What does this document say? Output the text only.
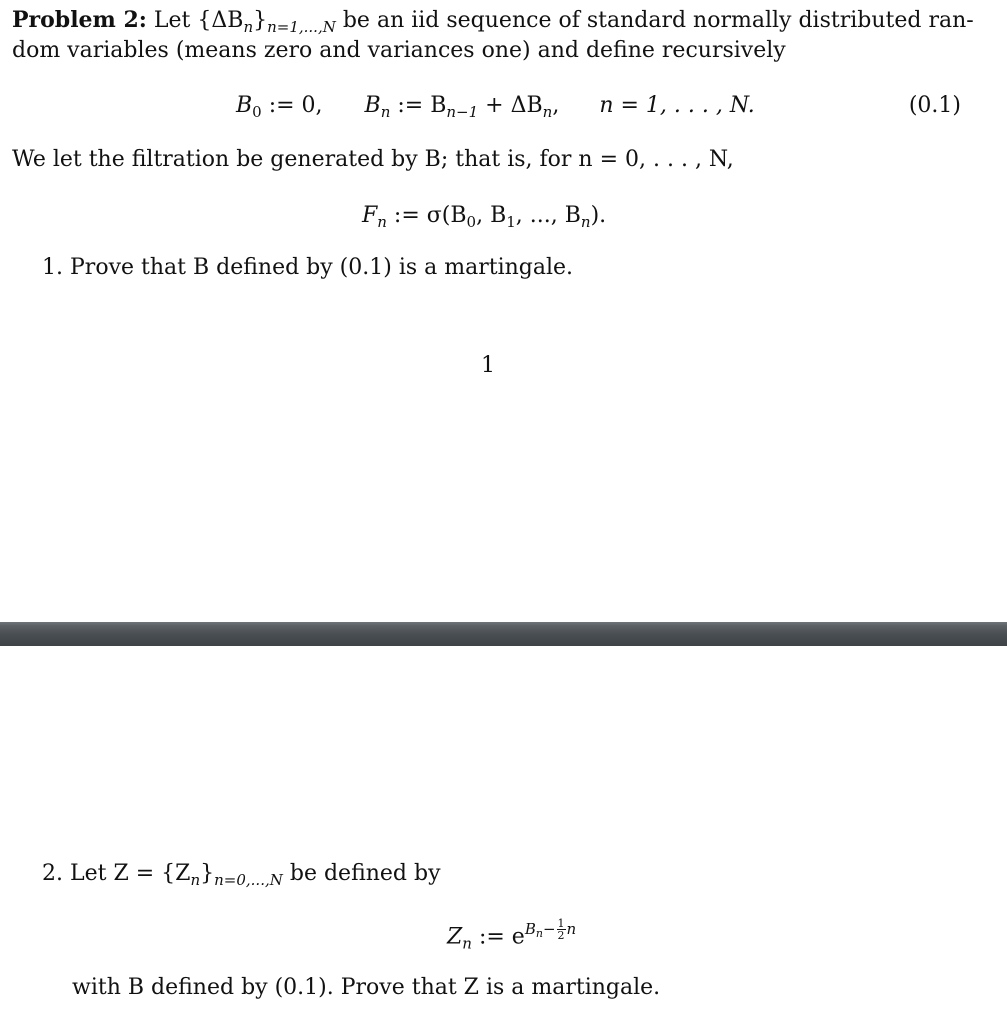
Problem 2: Let $\{\Delta B_n\}_{n=1,...,N}$ be an iid sequence of standard normally distributed ran-
dom variables (means zero and variances one) and define recursively
$B_0$ := 0, $B_n$ := $B_{n-1} + \Delta B_n$, n = 1, . . . , N.	(0.1)
We let the filtration be generated by B; that is, for n = 0, . . . , N,
$F_n$ := $\sigma(B_0$, $B_1$, ..., $B_n$).
1. Prove that B defined by (0.1) is a martingale.
1
2. Let $Z = \{Z_n\}_{n=0,...,N}$ be defined by
$Z_n$ := $e^{B_n- \frac{1}{2} n}$
with B defined by (0.1). Prove that Z is a martingale.
